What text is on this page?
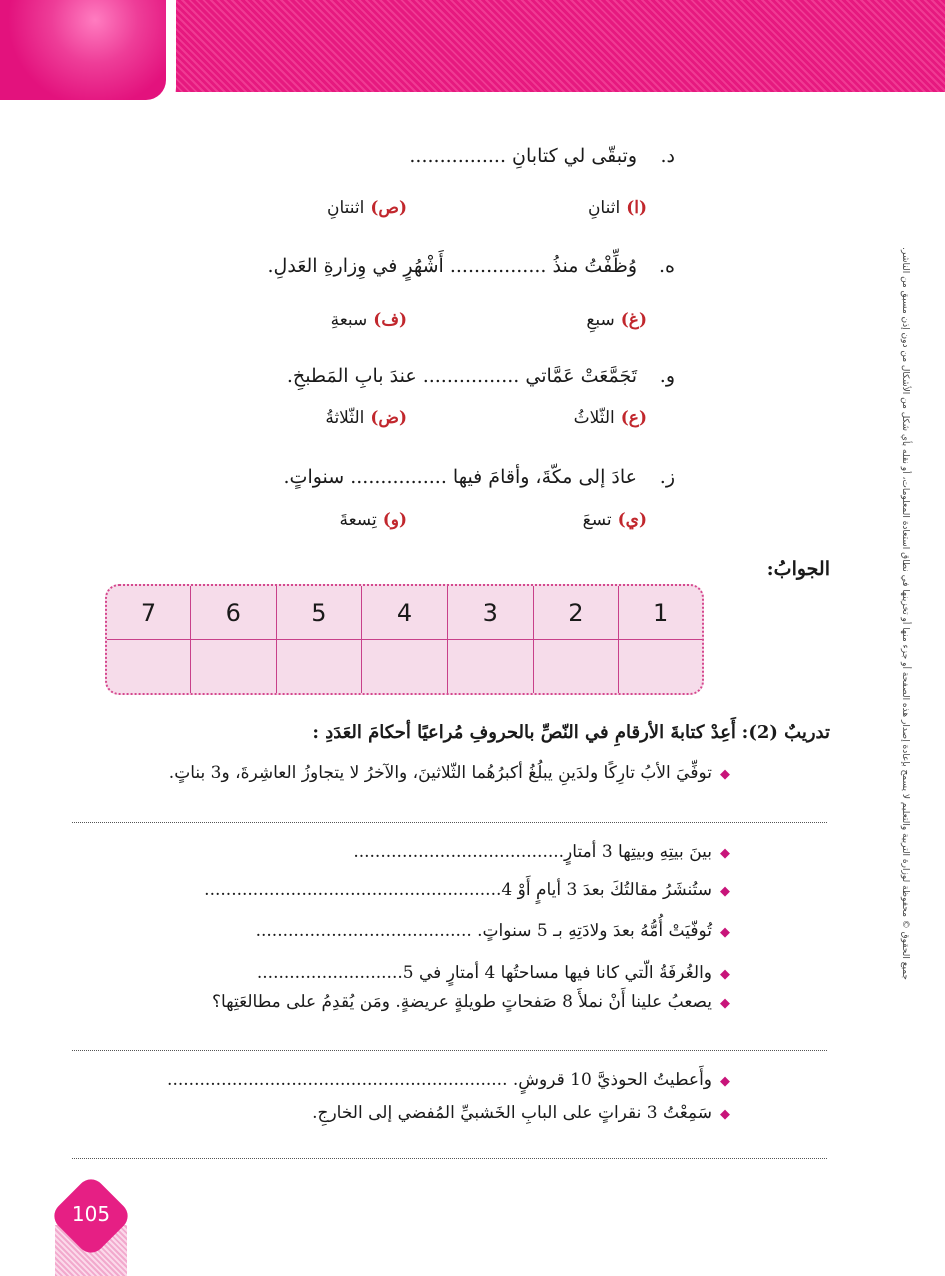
جميع الحقوق © محفوظة لوزارة التربية والتعليم لا يسمح بإعادة إصدار هذه الصفحة أو جزء منها أو تخزينها في نطاق استعادة المعلومات، أو نقله بأي شكل من الأشكال من دون إذن مسبق من الناشر.
د.وتبقّى لي كتابانِ ................
(ا)اثنانِ
(ص)اثنتانِ
ه.وُظِّفْتُ منذُ ................ أَشْهُرٍ في وِزارةِ العَدلِ.
(غ)سبعِ
(ف)سبعةِ
و.تَجَمَّعَتْ عَمَّاتي ................ عندَ بابِ المَطبخِ.
(ع)الثّلاثُ
(ض)الثّلاثةُ
ز.عادَ إلى مكّةَ، وأقامَ فيها ................ سنواتٍ.
(ي)تسعَ
(و)تِسعةَ
الجوابُ:
1	2	3	4	5	6	7

تدريبٌ (2): أَعِدْ كتابةَ الأرقامِ في النّصِّ بالحروفِ مُراعيًا أحكامَ العَدَدِ :
◆توفِّيَ الأبُ تارِكًا ولدَينِ يبلُغُ أكبرُهُما الثّلاثينَ، والآخرُ لا يتجاوزُ العاشِرةَ، و3 بناتٍ.
◆بينَ بيتِهِ وبيتِها 3 أمتارٍ.......................................
◆ستُنشَرُ مقالتُكَ بعدَ 3 أيامٍ أَوْ 4.......................................................
◆تُوفّيَتْ أُمُّهُ بعدَ ولادَتِهِ بـ 5 سنواتٍ. ........................................
◆والغُرفَةُ الّتي كانا فيها مساحتُها 4 أمتارٍ في 5...........................
◆يصعبُ علينا أَنْ نملأَ 8 صَفحاتٍ طويلةٍ عريضةٍ. ومَن يُقدِمُ على مطالعَتِها؟
◆وأَعطيتُ الحوذيَّ 10 قروشٍ. ...............................................................
◆سَمِعْتُ 3 نقراتٍ على البابِ الخَشبيِّ المُفضي إلى الخارجِ.
105
